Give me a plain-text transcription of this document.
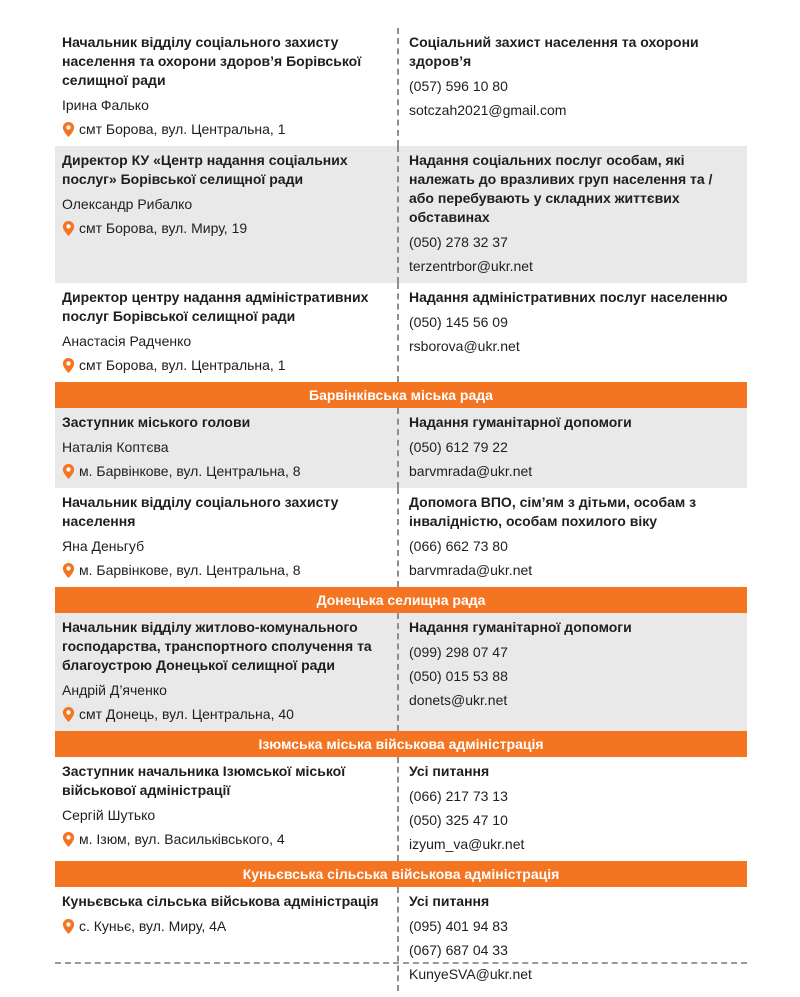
Начальник відділу соціального захисту населення та охорони здоров’я Борівської селищної ради
Ірина Фалько
смт Борова, вул. Центральна, 1
Соціальний захист населення та охорони здоров’я
(057) 596 10 80
sotczah2021@gmail.com
Директор КУ «Центр надання соціальних послуг» Борівської селищної ради
Олександр Рибалко
смт Борова, вул. Миру, 19
Надання соціальних послуг особам, які належать до вразливих груп населення та / або перебувають у складних життєвих обставинах
(050) 278 32 37
terzentrbor@ukr.net
Директор центру надання адміністративних послуг Борівської селищної ради
Анастасія Радченко
смт Борова, вул. Центральна, 1
Надання адміністративних послуг населенню
(050) 145 56 09
rsborova@ukr.net
Барвінківська міська рада
Заступник міського голови
Наталія Коптєва
м. Барвінкове, вул. Центральна, 8
Надання гуманітарної допомоги
(050) 612 79 22
barvmrada@ukr.net
Начальник відділу соціального захисту населення
Яна Деньгуб
м. Барвінкове, вул. Центральна, 8
Допомога ВПО, сім’ям з дітьми, особам з інвалідністю, особам похилого віку
(066) 662 73 80
barvmrada@ukr.net
Донецька селищна рада
Начальник відділу житлово-комунального господарства, транспортного сполучення та благоустрою Донецької селищної ради
Андрій Д’яченко
смт Донець, вул. Центральна, 40
Надання гуманітарної допомоги
(099) 298 07 47
(050) 015 53 88
donets@ukr.net
Ізюмська міська військова адміністрація
Заступник начальника Ізюмської міської військової адміністрації
Сергій Шутько
м. Ізюм, вул. Васильківського, 4
Усі питання
(066) 217 73 13
(050) 325 47 10
izyum_va@ukr.net
Куньєвська сільська військова адміністрація
Куньєвська сільська військова адміністрація
с. Куньє, вул. Миру, 4А
Усі питання
(095) 401 94 83
(067) 687 04 33
KunyeSVA@ukr.net
